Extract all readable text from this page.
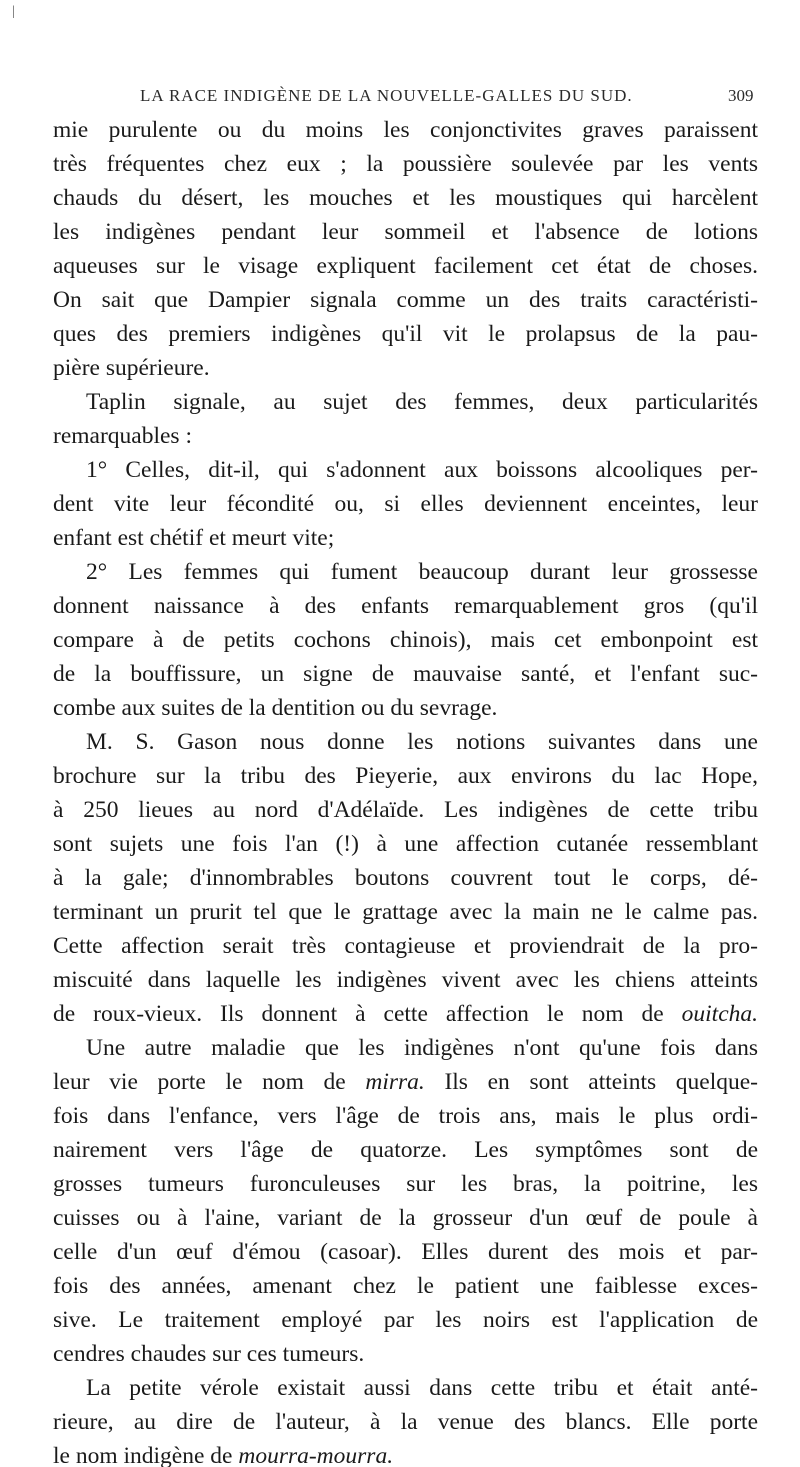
|
LA RACE INDIGÈNE DE LA NOUVELLE-GALLES DU SUD.	309
mie purulente ou du moins les conjonctivites graves paraissent
très fréquentes chez eux ; la poussière soulevée par les vents
chauds du désert, les mouches et les moustiques qui harcèlent
les indigènes pendant leur sommeil et l'absence de lotions
aqueuses sur le visage expliquent facilement cet état de choses.
On sait que Dampier signala comme un des traits caractéristi-
ques des premiers indigènes qu'il vit le prolapsus de la pau-
pière supérieure.
Taplin signale, au sujet des femmes, deux particularités
remarquables :
1° Celles, dit-il, qui s'adonnent aux boissons alcooliques per-
dent vite leur fécondité ou, si elles deviennent enceintes, leur
enfant est chétif et meurt vite;
2° Les femmes qui fument beaucoup durant leur grossesse
donnent naissance à des enfants remarquablement gros (qu'il
compare à de petits cochons chinois), mais cet embonpoint est
de la bouffissure, un signe de mauvaise santé, et l'enfant suc-
combe aux suites de la dentition ou du sevrage.
M. S. Gason nous donne les notions suivantes dans une
brochure sur la tribu des Pieyerie, aux environs du lac Hope,
à 250 lieues au nord d'Adélaïde. Les indigènes de cette tribu
sont sujets une fois l'an (!) à une affection cutanée ressemblant
à la gale; d'innombrables boutons couvrent tout le corps, dé-
terminant un prurit tel que le grattage avec la main ne le calme pas.
Cette affection serait très contagieuse et proviendrait de la pro-
miscuité dans laquelle les indigènes vivent avec les chiens atteints
de roux-vieux. Ils donnent à cette affection le nom de ouitcha.
Une autre maladie que les indigènes n'ont qu'une fois dans
leur vie porte le nom de mirra. Ils en sont atteints quelque-
fois dans l'enfance, vers l'âge de trois ans, mais le plus ordi-
nairement vers l'âge de quatorze. Les symptômes sont de
grosses tumeurs furonculeuses sur les bras, la poitrine, les
cuisses ou à l'aine, variant de la grosseur d'un œuf de poule à
celle d'un œuf d'émou (casoar). Elles durent des mois et par-
fois des années, amenant chez le patient une faiblesse exces-
sive. Le traitement employé par les noirs est l'application de
cendres chaudes sur ces tumeurs.
La petite vérole existait aussi dans cette tribu et était anté-
rieure, au dire de l'auteur, à la venue des blancs. Elle porte
le nom indigène de mourra-mourra.
